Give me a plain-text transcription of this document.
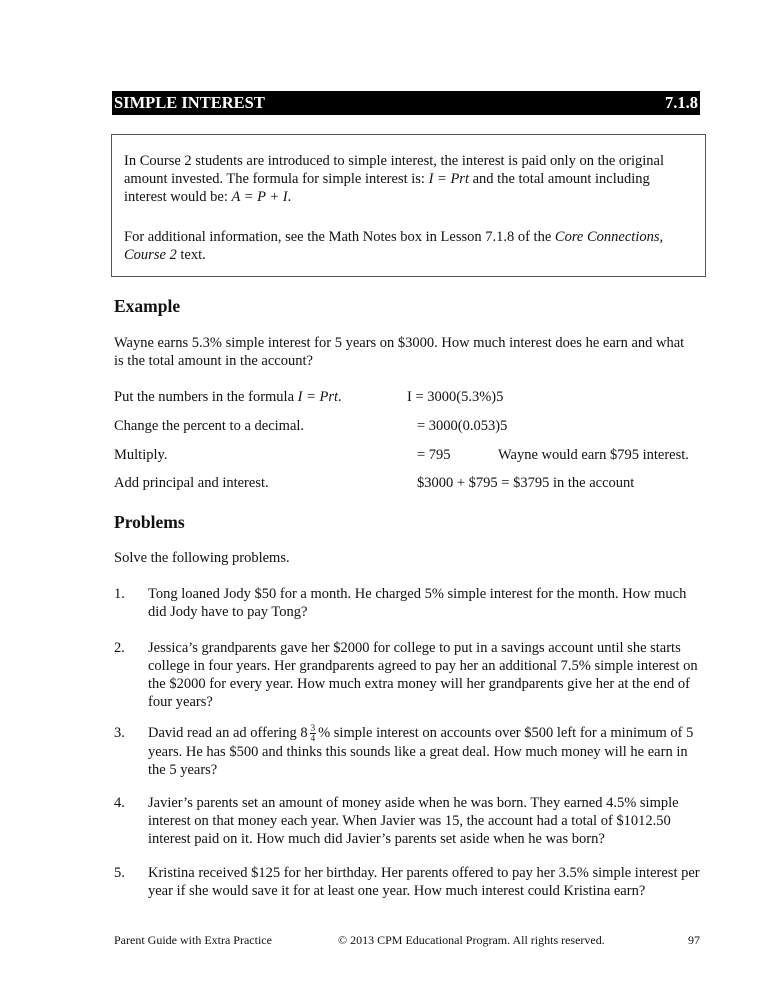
SIMPLE INTEREST	7.1.8

In Course 2 students are introduced to simple interest, the interest is paid only on the original amount invested. The formula for simple interest is: I = Prt and the total amount including interest would be: A = P + I.

For additional information, see the Math Notes box in Lesson 7.1.8 of the Core Connections, Course 2 text.

Example
Wayne earns 5.3% simple interest for 5 years on $3000. How much interest does he earn and what is the total amount in the account?
Put the numbers in the formula I = Prt.	I = 3000(5.3%)5
Change the percent to a decimal.	= 3000(0.053)5
Multiply.	= 795	Wayne would earn $795 interest.
Add principal and interest.	$3000 + $795 = $3795 in the account
Problems
Solve the following problems.
1. Tong loaned Jody $50 for a month. He charged 5% simple interest for the month. How much did Jody have to pay Tong?
2. Jessica’s grandparents gave her $2000 for college to put in a savings account until she starts college in four years. Her grandparents agreed to pay her an additional 7.5% simple interest on the $2000 for every year. How much extra money will her grandparents give her at the end of four years?
3. David read an ad offering $8 \frac{3}{4}$ % simple interest on accounts over $500 left for a minimum of 5 years. He has $500 and thinks this sounds like a great deal. How much money will he earn in the 5 years?
4. Javier’s parents set an amount of money aside when he was born. They earned 4.5% simple interest on that money each year. When Javier was 15, the account had a total of $1012.50 interest paid on it. How much did Javier’s parents set aside when he was born?
5. Kristina received $125 for her birthday. Her parents offered to pay her 3.5% simple interest per year if she would save it for at least one year. How much interest could Kristina earn?
Parent Guide with Extra Practice	© 2013 CPM Educational Program. All rights reserved.	97
